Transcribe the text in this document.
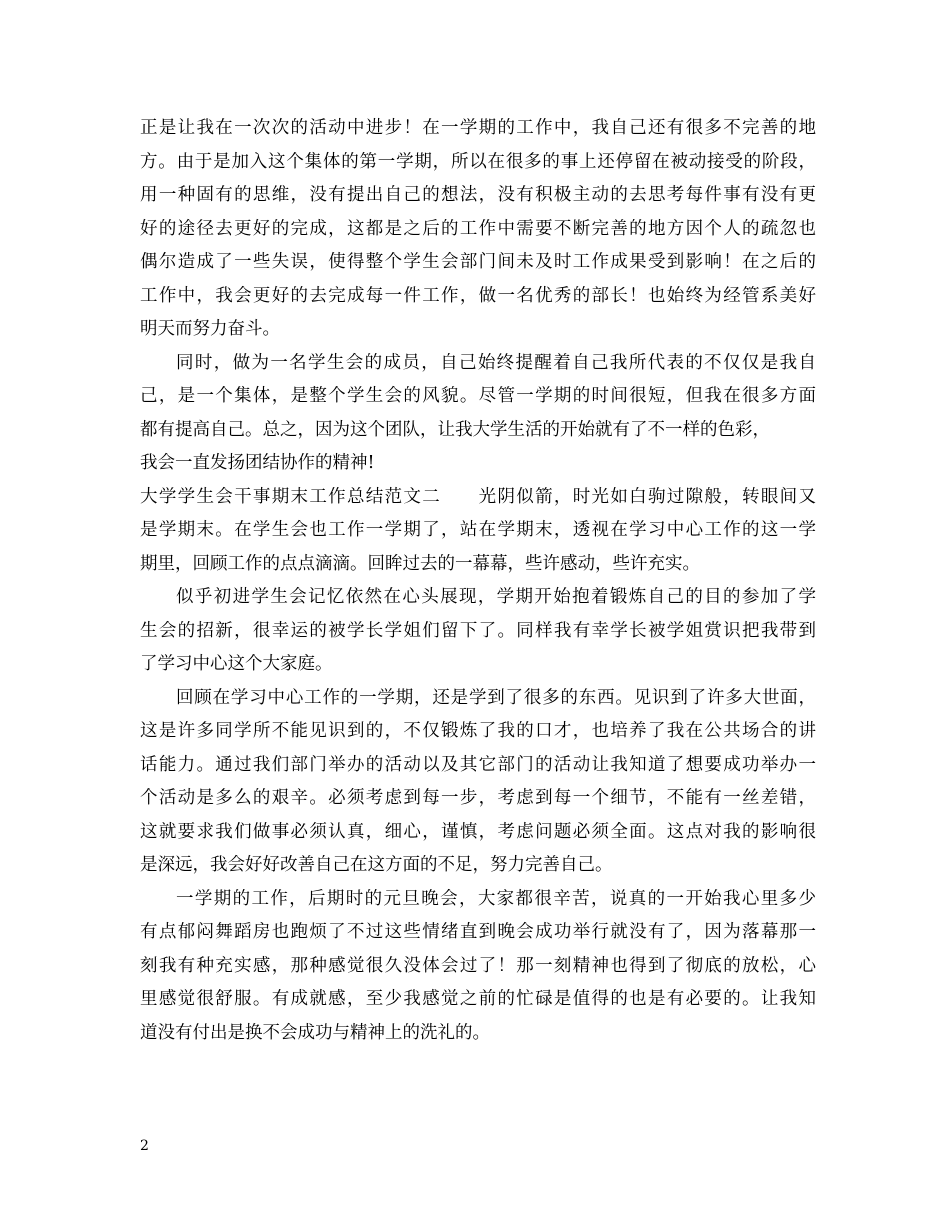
正是让我在一次次的活动中进步！在一学期的工作中，我自己还有很多不完善的地
方。由于是加入这个集体的第一学期，所以在很多的事上还停留在被动接受的阶段，
用一种固有的思维，没有提出自己的想法，没有积极主动的去思考每件事有没有更
好的途径去更好的完成，这都是之后的工作中需要不断完善的地方因个人的疏忽也
偶尔造成了一些失误，使得整个学生会部门间未及时工作成果受到影响！在之后的
工作中，我会更好的去完成每一件工作，做一名优秀的部长！也始终为经管系美好
明天而努力奋斗。
同时，做为一名学生会的成员，自己始终提醒着自己我所代表的不仅仅是我自
己，是一个集体，是整个学生会的风貌。尽管一学期的时间很短，但我在很多方面
都有提高自己。总之，因为这个团队，让我大学生活的开始就有了不一样的色彩，
我会一直发扬团结协作的精神!
大学学生会干事期末工作总结范文二　　光阴似箭，时光如白驹过隙般，转眼间又
是学期末。在学生会也工作一学期了，站在学期末，透视在学习中心工作的这一学
期里，回顾工作的点点滴滴。回眸过去的一幕幕，些许感动，些许充实。
似乎初进学生会记忆依然在心头展现，学期开始抱着锻炼自己的目的参加了学
生会的招新，很幸运的被学长学姐们留下了。同样我有幸学长被学姐赏识把我带到
了学习中心这个大家庭。
回顾在学习中心工作的一学期，还是学到了很多的东西。见识到了许多大世面，
这是许多同学所不能见识到的，不仅锻炼了我的口才，也培养了我在公共场合的讲
话能力。通过我们部门举办的活动以及其它部门的活动让我知道了想要成功举办一
个活动是多么的艰辛。必须考虑到每一步，考虑到每一个细节，不能有一丝差错，
这就要求我们做事必须认真，细心，谨慎，考虑问题必须全面。这点对我的影响很
是深远，我会好好改善自己在这方面的不足，努力完善自己。
一学期的工作，后期时的元旦晚会，大家都很辛苦，说真的一开始我心里多少
有点郁闷舞蹈房也跑烦了不过这些情绪直到晚会成功举行就没有了，因为落幕那一
刻我有种充实感，那种感觉很久没体会过了！那一刻精神也得到了彻底的放松，心
里感觉很舒服。有成就感，至少我感觉之前的忙碌是值得的也是有必要的。让我知
道没有付出是换不会成功与精神上的洗礼的。
2
